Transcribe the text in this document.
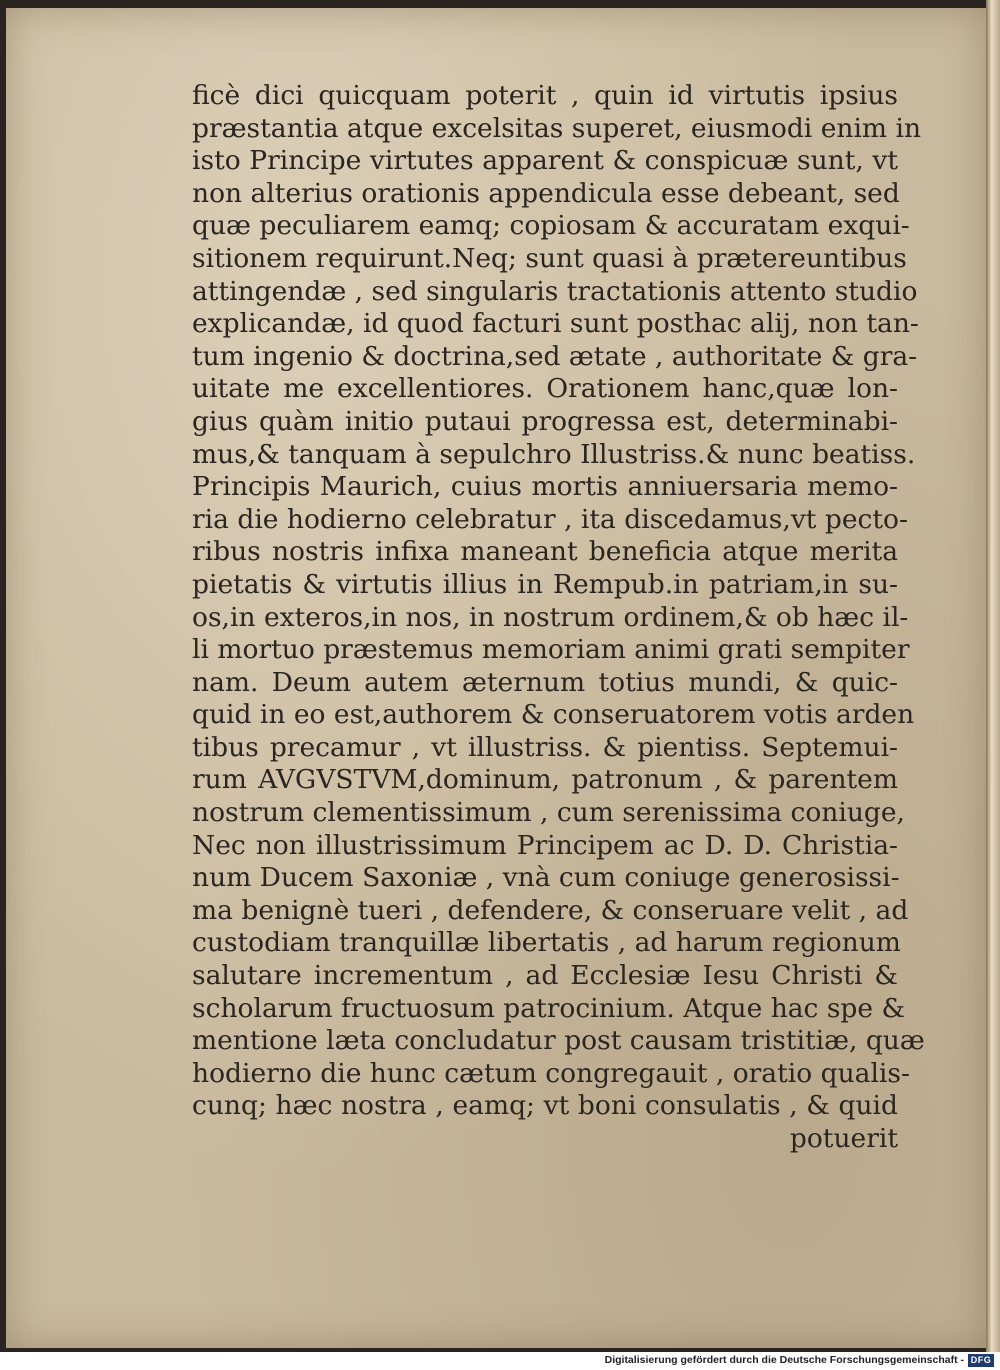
ficè dici quicquam poterit , quin id virtutis ipsius
præstantia atque excelsitas superet, eiusmodi enim in
isto Principe virtutes apparent & conspicuæ sunt, vt
non alterius orationis appendicula esse debeant, sed
quæ peculiarem eamq; copiosam & accuratam exqui-
sitionem requirunt.Neq; sunt quasi à prætereuntibus
attingendæ , sed singularis tractationis attento studio
explicandæ, id quod facturi sunt posthac alij, non tan-
tum ingenio & doctrina,sed ætate , authoritate & gra-
uitate me excellentiores. Orationem hanc,quæ lon-
gius quàm initio putaui progressa est, determinabi-
mus,& tanquam à sepulchro Illustriss.& nunc beatiss.
Principis Maurich, cuius mortis anniuersaria memo-
ria die hodierno celebratur , ita discedamus,vt pecto-
ribus nostris infixa maneant beneficia atque merita
pietatis & virtutis illius in Rempub.in patriam,in su-
os,in exteros,in nos, in nostrum ordinem,& ob hæc il-
li mortuo præstemus memoriam animi grati sempiter
nam. Deum autem æternum totius mundi, & quic-
quid in eo est,authorem & conseruatorem votis arden
tibus precamur , vt illustriss. & pientiss. Septemui-
rum AVGVSTVM,dominum, patronum , & parentem
nostrum clementissimum , cum serenissima coniuge,
Nec non illustrissimum Principem ac D. D. Christia-
num Ducem Saxoniæ , vnà cum coniuge generosissi-
ma benignè tueri , defendere, & conseruare velit , ad
custodiam tranquillæ libertatis , ad harum regionum
salutare incrementum , ad Ecclesiæ Iesu Christi &
scholarum fructuosum patrocinium. Atque hac spe &
mentione læta concludatur post causam tristitiæ, quæ
hodierno die hunc cætum congregauit , oratio qualis-
cunq; hæc nostra , eamq; vt boni consulatis , & quid
potuerit
Digitalisierung gefördert durch die Deutsche Forschungsgemeinschaft - DFG
